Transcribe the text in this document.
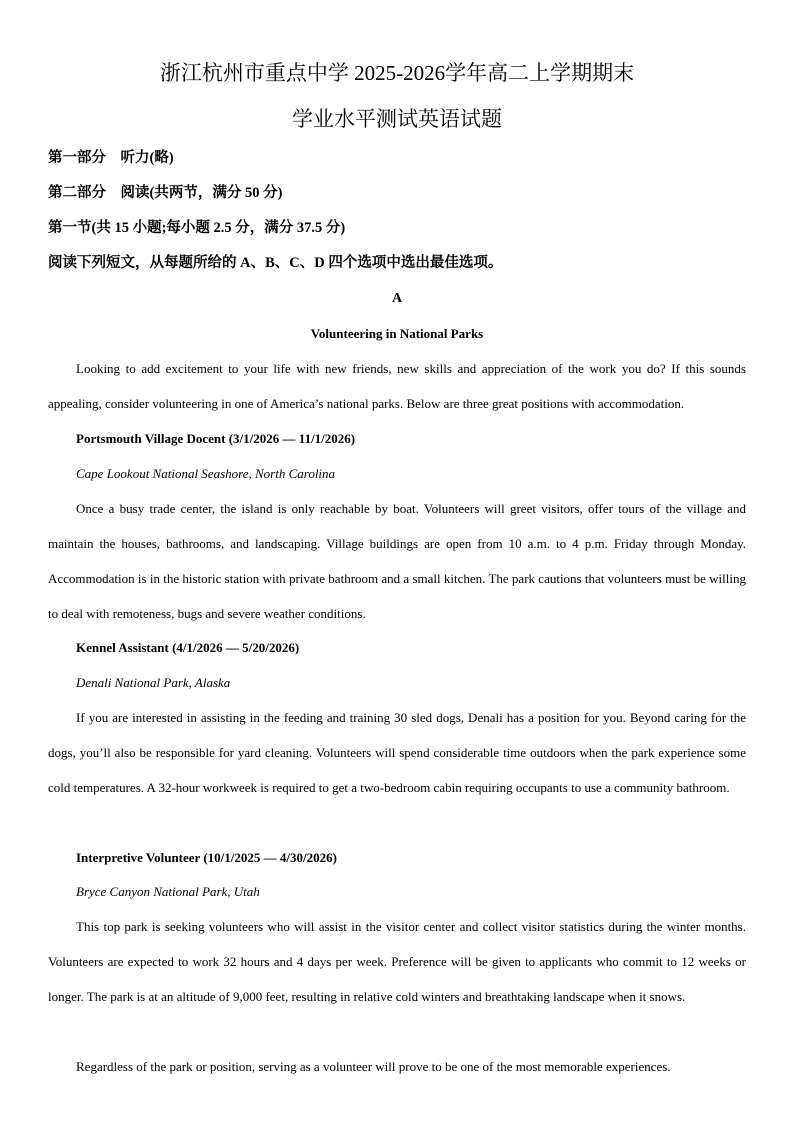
浙江杭州市重点中学 2025-2026学年高二上学期期末
学业水平测试英语试题
第一部分　听力(略)
第二部分　阅读(共两节，满分 50 分)
第一节(共 15 小题;每小题 2.5 分，满分 37.5 分)
阅读下列短文，从每题所给的 A、B、C、D 四个选项中选出最佳选项。
A
Volunteering in National Parks
Looking to add excitement to your life with new friends, new skills and appreciation of the work you do? If this sounds appealing, consider volunteering in one of America’s national parks. Below are three great positions with accommodation.
Portsmouth Village Docent (3/1/2026 — 11/1/2026)
Cape Lookout National Seashore, North Carolina
Once a busy trade center, the island is only reachable by boat. Volunteers will greet visitors, offer tours of the village and maintain the houses, bathrooms, and landscaping. Village buildings are open from 10 a.m. to 4 p.m. Friday through Monday. Accommodation is in the historic station with private bathroom and a small kitchen. The park cautions that volunteers must be willing to deal with remoteness, bugs and severe weather conditions.
Kennel Assistant (4/1/2026 — 5/20/2026)
Denali National Park, Alaska
If you are interested in assisting in the feeding and training 30 sled dogs, Denali has a position for you. Beyond caring for the dogs, you’ll also be responsible for yard cleaning. Volunteers will spend considerable time outdoors when the park experience some cold temperatures. A 32-hour workweek is required to get a two-bedroom cabin requiring occupants to use a community bathroom.
Interpretive Volunteer (10/1/2025 — 4/30/2026)
Bryce Canyon National Park, Utah
This top park is seeking volunteers who will assist in the visitor center and collect visitor statistics during the winter months. Volunteers are expected to work 32 hours and 4 days per week. Preference will be given to applicants who commit to 12 weeks or longer. The park is at an altitude of 9,000 feet, resulting in relative cold winters and breathtaking landscape when it snows.
Regardless of the park or position, serving as a volunteer will prove to be one of the most memorable experiences.
